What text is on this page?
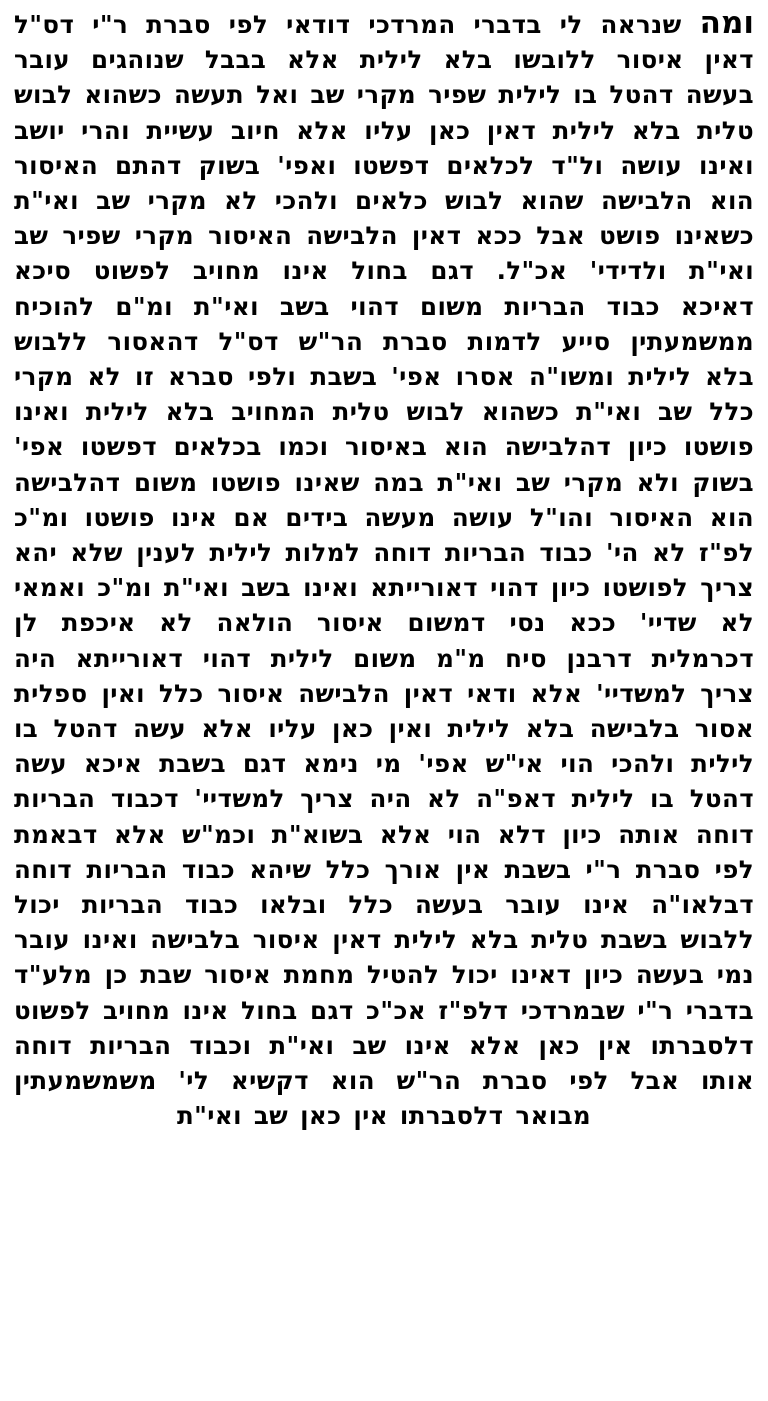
ומה שנראה לי בדברי המרדכי דודאי לפי סברת ר"י דס"ל דאין איסור ללובשו בלא לילית אלא בבבל שנוהגים עובר בעשה דהטל בו לילית שפיר מקרי שב ואל תעשה כשהוא לבוש טלית בלא לילית דאין כאן עליו אלא חיוב עשיית והרי יושב ואינו עושה ול"ד לכלאים דפשטו ואפי' בשוק דהתם האיסור הוא הלבישה שהוא לבוש כלאים ולהכי לא מקרי שב ואי"ת כשאינו פושט אבל ככא דאין הלבישה האיסור מקרי שפיר שב ואי"ת ולדידי' אכ"ל. דגם בחול אינו מחויב לפשוט סיכא דאיכא כבוד הבריות משום דהוי בשב ואי"ת ומ"ם להוכיח ממשמעתין סייע לדמות סברת הר"ש דס"ל דהאסור ללבוש בלא לילית ומשו"ה אסרו אפי' בשבת ולפי סברא זו לא מקרי כלל שב ואי"ת כשהוא לבוש טלית המחויב בלא לילית ואינו פושטו כיון דהלבישה הוא באיסור וכמו בכלאים דפשטו אפי' בשוק ולא מקרי שב ואי"ת במה שאינו פושטו משום דהלבישה הוא האיסור והו"ל עושה מעשה בידים אם אינו פושטו ומ"כ לפ"ז לא הי' כבוד הבריות דוחה למלות לילית לענין שלא יהא צריך לפושטו כיון דהוי דאורייתא ואינו בשב ואי"ת ומ"כ ואמאי לא שדיי' ככא נסי דמשום איסור הולאה לא איכפת לן דכרמלית דרבנן סיח מ"מ משום לילית דהוי דאורייתא היה צריך למשדיי' אלא ודאי דאין הלבישה איסור כלל ואין ספלית אסור בלבישה בלא לילית ואין כאן עליו אלא עשה דהטל בו לילית ולהכי הוי אי"ש אפי' מי נימא דגם בשבת איכא עשה דהטל בו לילית דאפ"ה לא היה צריך למשדיי' דכבוד הבריות דוחה אותה כיון דלא הוי אלא בשוא"ת וכמ"ש אלא דבאמת לפי סברת ר"י בשבת אין אורך כלל שיהא כבוד הבריות דוחה דבלאו"ה אינו עובר בעשה כלל ובלאו כבוד הבריות יכול ללבוש בשבת טלית בלא לילית דאין איסור בלבישה ואינו עובר נמי בעשה כיון דאינו יכול להטיל מחמת איסור שבת כן מלע"ד בדברי ר"י שבמרדכי דלפ"ז אכ"כ דגם בחול אינו מחויב לפשוט דלסברתו אין כאן אלא אינו שב ואי"ת וכבוד הבריות דוחה אותו אבל לפי סברת הר"ש הוא דקשיא לי' משמשמעתין מבואר דלסברתו אין כאן שב ואי"ת
